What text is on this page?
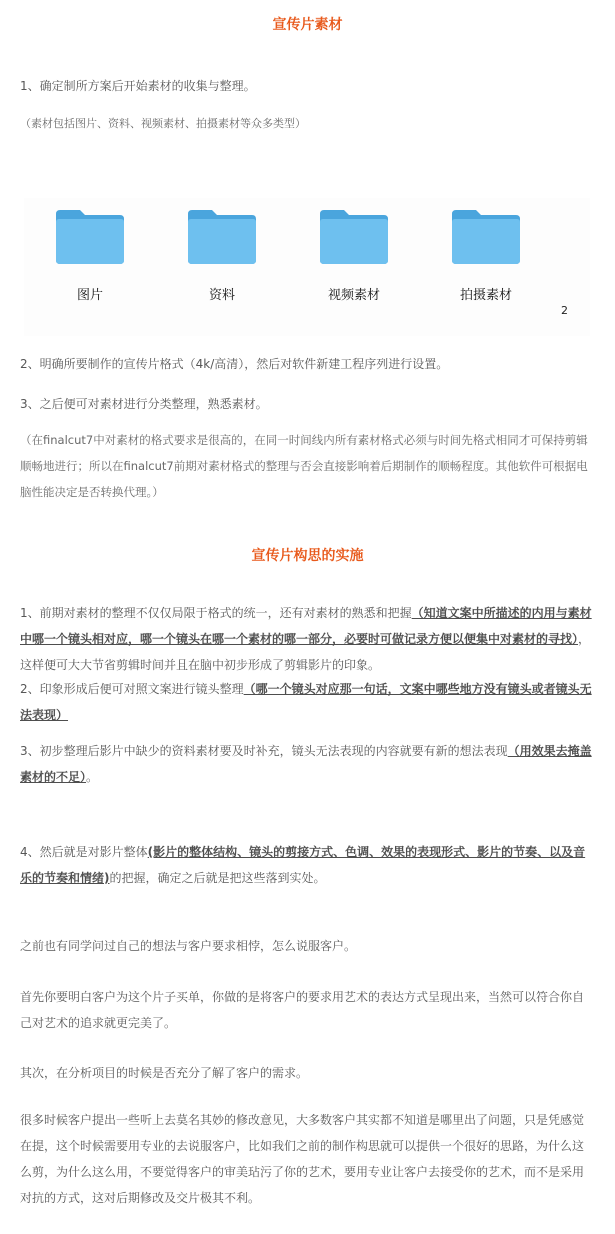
宣传片素材
1、确定制所方案后开始素材的收集与整理。
（素材包括图片、资料、视频素材、拍摄素材等众多类型）
图片	资料	视频素材	拍摄素材
2
2、明确所要制作的宣传片格式（4k/高清），然后对软件新建工程序列进行设置。
3、之后便可对素材进行分类整理，熟悉素材。
（在finalcut7中对素材的格式要求是很高的，在同一时间线内所有素材格式必须与时间先格式相同才可保持剪辑顺畅地进行；所以在finalcut7前期对素材格式的整理与否会直接影响着后期制作的顺畅程度。其他软件可根据电脑性能决定是否转换代理。）
宣传片构思的实施
1、前期对素材的整理不仅仅局限于格式的统一，还有对素材的熟悉和把握（知道文案中所描述的内用与素材中哪一个镜头相对应，哪一个镜头在哪一个素材的哪一部分，必要时可做记录方便以便集中对素材的寻找），这样便可大大节省剪辑时间并且在脑中初步形成了剪辑影片的印象。
2、印象形成后便可对照文案进行镜头整理（哪一个镜头对应那一句话，文案中哪些地方没有镜头或者镜头无法表现）
3、初步整理后影片中缺少的资料素材要及时补充，镜头无法表现的内容就要有新的想法表现（用效果去掩盖素材的不足）。
4、然后就是对影片整体(影片的整体结构、镜头的剪接方式、色调、效果的表现形式、影片的节奏、以及音乐的节奏和情绪)的把握，确定之后就是把这些落到实处。
之前也有同学问过自己的想法与客户要求相悖，怎么说服客户。
首先你要明白客户为这个片子买单，你做的是将客户的要求用艺术的表达方式呈现出来，当然可以符合你自己对艺术的追求就更完美了。
其次，在分析项目的时候是否充分了解了客户的需求。
很多时候客户提出一些听上去莫名其妙的修改意见，大多数客户其实都不知道是哪里出了问题，只是凭感觉在提，这个时候需要用专业的去说服客户，比如我们之前的制作构思就可以提供一个很好的思路，为什么这么剪，为什么这么用，不要觉得客户的审美玷污了你的艺术，要用专业让客户去接受你的艺术，而不是采用对抗的方式，这对后期修改及交片极其不利。
